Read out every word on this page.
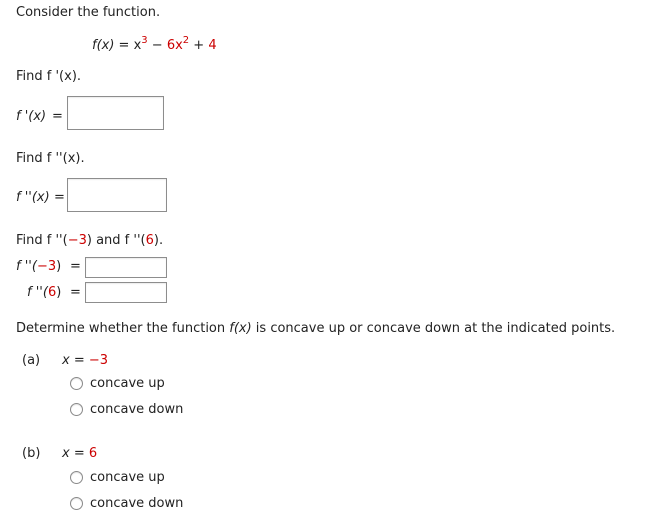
Consider the function.
$f(x) = x^3 - 6x^2 + 4$
Find f '(x).
f '(x) =
Find f ''(x).
f ''(x) =
Find f ''(−3) and f ''(6).
f ''(−3) =
f ''(6) =
Determine whether the function f(x) is concave up or concave down at the indicated points.
(a) x = −3
concave up
concave down
(b) x = 6
concave up
concave down
